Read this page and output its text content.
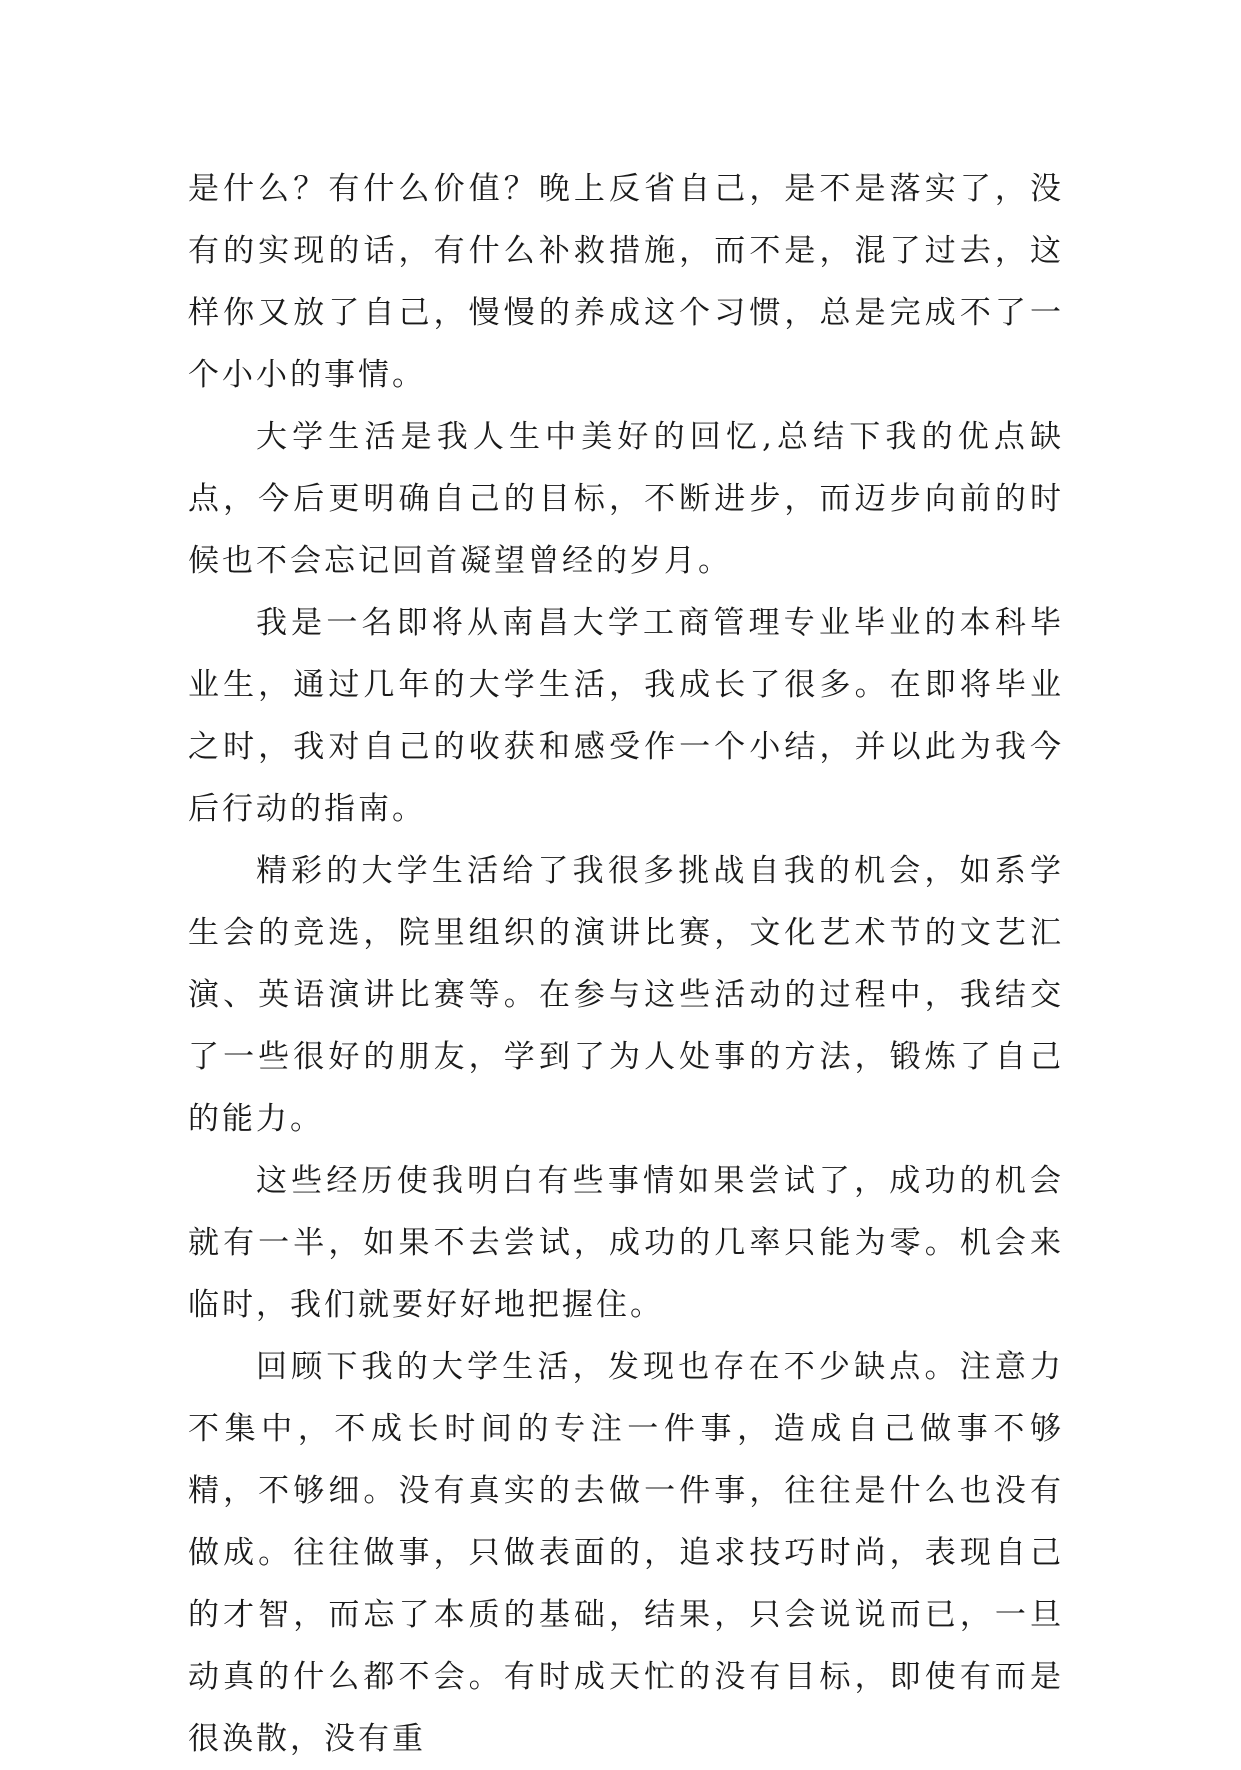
是什么？有什么价值？晚上反省自己，是不是落实了，没有的实现的话，有什么补救措施，而不是，混了过去，这样你又放了自己，慢慢的养成这个习惯，总是完成不了一个小小的事情。

大学生活是我人生中美好的回忆,总结下我的优点缺点，今后更明确自己的目标，不断进步，而迈步向前的时候也不会忘记回首凝望曾经的岁月。

我是一名即将从南昌大学工商管理专业毕业的本科毕业生，通过几年的大学生活，我成长了很多。在即将毕业之时，我对自己的收获和感受作一个小结，并以此为我今后行动的指南。

精彩的大学生活给了我很多挑战自我的机会，如系学生会的竞选，院里组织的演讲比赛，文化艺术节的文艺汇演、英语演讲比赛等。在参与这些活动的过程中，我结交了一些很好的朋友，学到了为人处事的方法，锻炼了自己的能力。

这些经历使我明白有些事情如果尝试了，成功的机会就有一半，如果不去尝试，成功的几率只能为零。机会来临时，我们就要好好地把握住。

回顾下我的大学生活，发现也存在不少缺点。注意力不集中，不成长时间的专注一件事，造成自己做事不够精，不够细。没有真实的去做一件事，往往是什么也没有做成。往往做事，只做表面的，追求技巧时尚，表现自己的才智，而忘了本质的基础，结果，只会说说而已，一旦动真的什么都不会。有时成天忙的没有目标，即使有而是很涣散，没有重
